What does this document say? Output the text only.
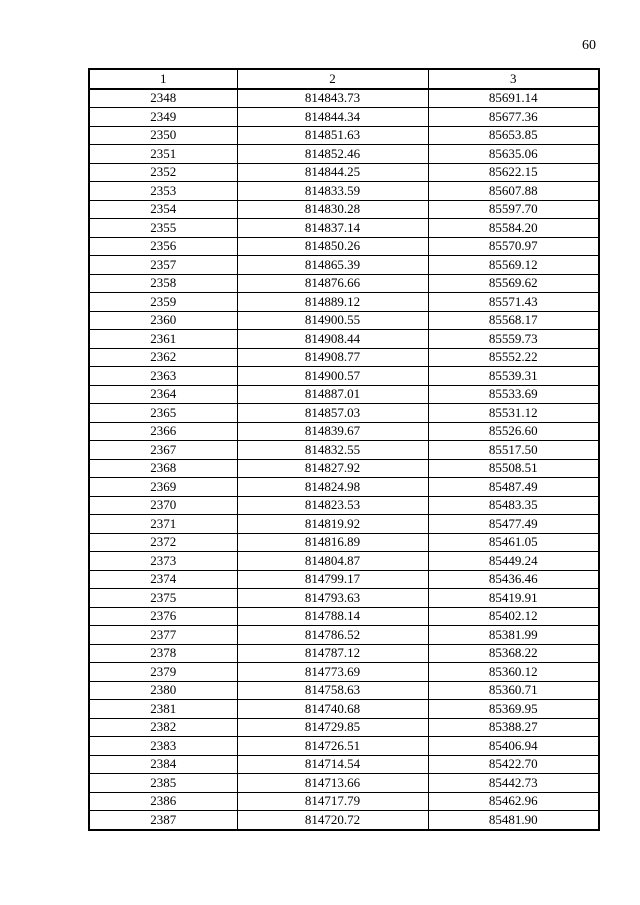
60
1	2	3
2348	814843.73	85691.14
2349	814844.34	85677.36
2350	814851.63	85653.85
2351	814852.46	85635.06
2352	814844.25	85622.15
2353	814833.59	85607.88
2354	814830.28	85597.70
2355	814837.14	85584.20
2356	814850.26	85570.97
2357	814865.39	85569.12
2358	814876.66	85569.62
2359	814889.12	85571.43
2360	814900.55	85568.17
2361	814908.44	85559.73
2362	814908.77	85552.22
2363	814900.57	85539.31
2364	814887.01	85533.69
2365	814857.03	85531.12
2366	814839.67	85526.60
2367	814832.55	85517.50
2368	814827.92	85508.51
2369	814824.98	85487.49
2370	814823.53	85483.35
2371	814819.92	85477.49
2372	814816.89	85461.05
2373	814804.87	85449.24
2374	814799.17	85436.46
2375	814793.63	85419.91
2376	814788.14	85402.12
2377	814786.52	85381.99
2378	814787.12	85368.22
2379	814773.69	85360.12
2380	814758.63	85360.71
2381	814740.68	85369.95
2382	814729.85	85388.27
2383	814726.51	85406.94
2384	814714.54	85422.70
2385	814713.66	85442.73
2386	814717.79	85462.96
2387	814720.72	85481.90
